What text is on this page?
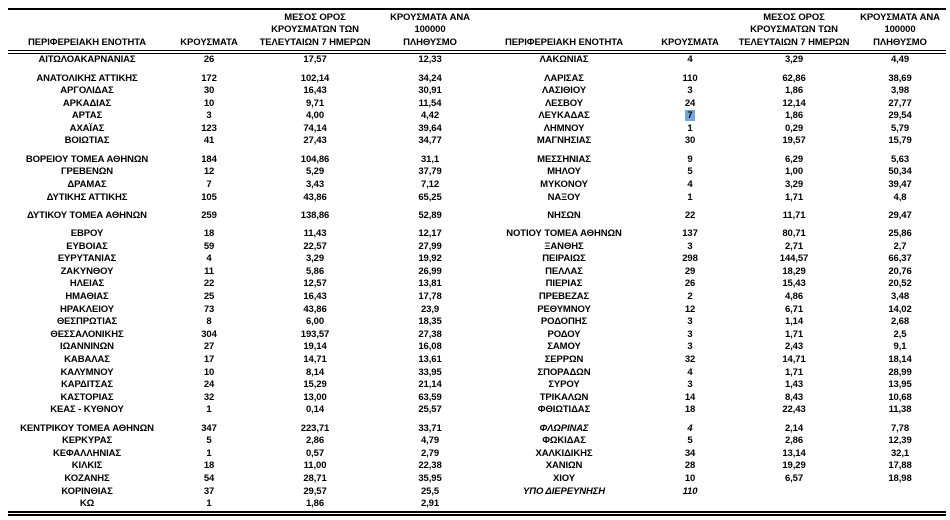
ΠΕΡΙΦΕΡΕΙΑΚΗ ΕΝΟΤΗΤΑ	ΚΡΟΥΣΜΑΤΑ	ΜΕΣΟΣ ΟΡΟΣ
ΚΡΟΥΣΜΑΤΩΝ ΤΩΝ
ΤΕΛΕΥΤΑΙΩΝ 7 ΗΜΕΡΩΝ	ΚΡΟΥΣΜΑΤΑ ΑΝΑ 100000
ΠΛΗΘΥΣΜΟ	ΠΕΡΙΦΕΡΕΙΑΚΗ ΕΝΟΤΗΤΑ	ΚΡΟΥΣΜΑΤΑ	ΜΕΣΟΣ ΟΡΟΣ
ΚΡΟΥΣΜΑΤΩΝ ΤΩΝ
ΤΕΛΕΥΤΑΙΩΝ 7 ΗΜΕΡΩΝ	ΚΡΟΥΣΜΑΤΑ ΑΝΑ 100000
ΠΛΗΘΥΣΜΟ

ΑΙΤΩΛΟΑΚΑΡΝΑΝΙΑΣ	26	17,57	12,33	ΛΑΚΩΝΙΑΣ	4	3,29	4,49

ΑΝΑΤΟΛΙΚΗΣ ΑΤΤΙΚΗΣ	172	102,14	34,24	ΛΑΡΙΣΑΣ	110	62,86	38,69
ΑΡΓΟΛΙΔΑΣ	30	16,43	30,91	ΛΑΣΙΘΙΟΥ	3	1,86	3,98
ΑΡΚΑΔΙΑΣ	10	9,71	11,54	ΛΕΣΒΟΥ	24	12,14	27,77
ΑΡΤΑΣ	3	4,00	4,42	ΛΕΥΚΑΔΑΣ	7	1,86	29,54
ΑΧΑΪΑΣ	123	74,14	39,64	ΛΗΜΝΟΥ	1	0,29	5,79
ΒΟΙΩΤΙΑΣ	41	27,43	34,77	ΜΑΓΝΗΣΙΑΣ	30	19,57	15,79

ΒΟΡΕΙΟΥ ΤΟΜΕΑ ΑΘΗΝΩΝ	184	104,86	31,1	ΜΕΣΣΗΝΙΑΣ	9	6,29	5,63
ΓΡΕΒΕΝΩΝ	12	5,29	37,79	ΜΗΛΟΥ	5	1,00	50,34
ΔΡΑΜΑΣ	7	3,43	7,12	ΜΥΚΟΝΟΥ	4	3,29	39,47
ΔΥΤΙΚΗΣ ΑΤΤΙΚΗΣ	105	43,86	65,25	ΝΑΞΟΥ	1	1,71	4,8

ΔΥΤΙΚΟΥ ΤΟΜΕΑ ΑΘΗΝΩΝ	259	138,86	52,89	ΝΗΣΩΝ	22	11,71	29,47

ΕΒΡΟΥ	18	11,43	12,17	ΝΟΤΙΟΥ ΤΟΜΕΑ ΑΘΗΝΩΝ	137	80,71	25,86
ΕΥΒΟΙΑΣ	59	22,57	27,99	ΞΑΝΘΗΣ	3	2,71	2,7
ΕΥΡΥΤΑΝΙΑΣ	4	3,29	19,92	ΠΕΙΡΑΙΩΣ	298	144,57	66,37
ΖΑΚΥΝΘΟΥ	11	5,86	26,99	ΠΕΛΛΑΣ	29	18,29	20,76
ΗΛΕΙΑΣ	22	12,57	13,81	ΠΙΕΡΙΑΣ	26	15,43	20,52
ΗΜΑΘΙΑΣ	25	16,43	17,78	ΠΡΕΒΕΖΑΣ	2	4,86	3,48
ΗΡΑΚΛΕΙΟΥ	73	43,86	23,9	ΡΕΘΥΜΝΟΥ	12	6,71	14,02
ΘΕΣΠΡΩΤΙΑΣ	8	6,00	18,35	ΡΟΔΟΠΗΣ	3	1,14	2,68
ΘΕΣΣΑΛΟΝΙΚΗΣ	304	193,57	27,38	ΡΟΔΟΥ	3	1,71	2,5
ΙΩΑΝΝΙΝΩΝ	27	19,14	16,08	ΣΑΜΟΥ	3	2,43	9,1
ΚΑΒΑΛΑΣ	17	14,71	13,61	ΣΕΡΡΩΝ	32	14,71	18,14
ΚΑΛΥΜΝΟΥ	10	8,14	33,95	ΣΠΟΡΑΔΩΝ	4	1,71	28,99
ΚΑΡΔΙΤΣΑΣ	24	15,29	21,14	ΣΥΡΟΥ	3	1,43	13,95
ΚΑΣΤΟΡΙΑΣ	32	13,00	63,59	ΤΡΙΚΑΛΩΝ	14	8,43	10,68
ΚΕΑΣ - ΚΥΘΝΟΥ	1	0,14	25,57	ΦΘΙΩΤΙΔΑΣ	18	22,43	11,38

ΚΕΝΤΡΙΚΟΥ ΤΟΜΕΑ ΑΘΗΝΩΝ	347	223,71	33,71	ΦΛΩΡΙΝΑΣ	4	2,14	7,78
ΚΕΡΚΥΡΑΣ	5	2,86	4,79	ΦΩΚΙΔΑΣ	5	2,86	12,39
ΚΕΦΑΛΛΗΝΙΑΣ	1	0,57	2,79	ΧΑΛΚΙΔΙΚΗΣ	34	13,14	32,1
ΚΙΛΚΙΣ	18	11,00	22,38	ΧΑΝΙΩΝ	28	19,29	17,88
ΚΟΖΑΝΗΣ	54	28,71	35,95	ΧΙΟΥ	10	6,57	18,98
ΚΟΡΙΝΘΙΑΣ	37	29,57	25,5	ΥΠΟ ΔΙΕΡΕΥΝΗΣΗ	110		
ΚΩ	1	1,86	2,91				
